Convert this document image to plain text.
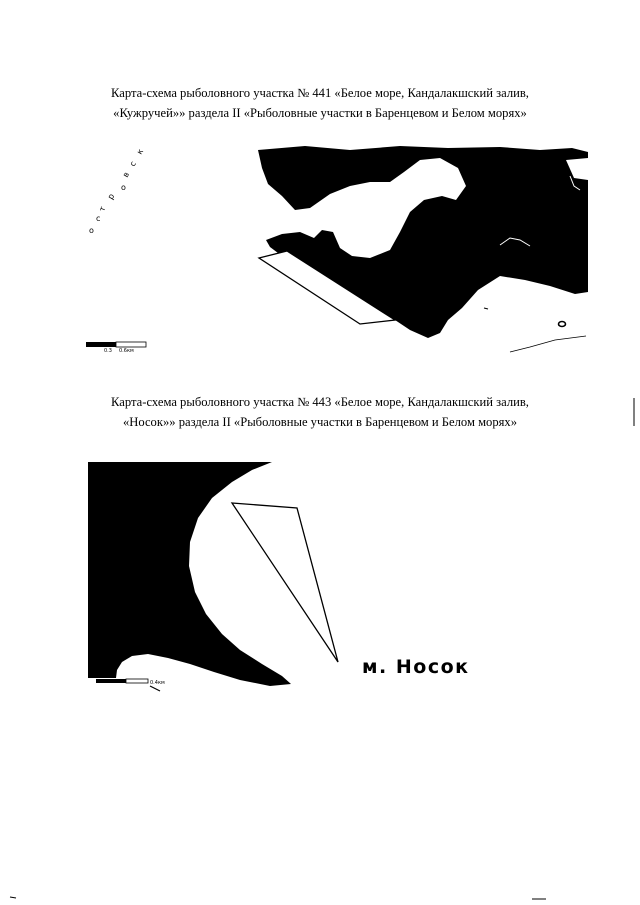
Карта-схема рыболовного участка № 441 «Белое море, Кандалакшский залив,
«Кужручей»» раздела II «Рыболовные участки в Баренцевом и Белом морях»
Карта-схема рыболовного участка № 443 «Белое море, Кандалакшский залив,
«Носок»» раздела II «Рыболовные участки в Баренцевом и Белом морях»
о
с
т
р
о
в
с
к
0.3 0.6км
0.4км
м. Носок
